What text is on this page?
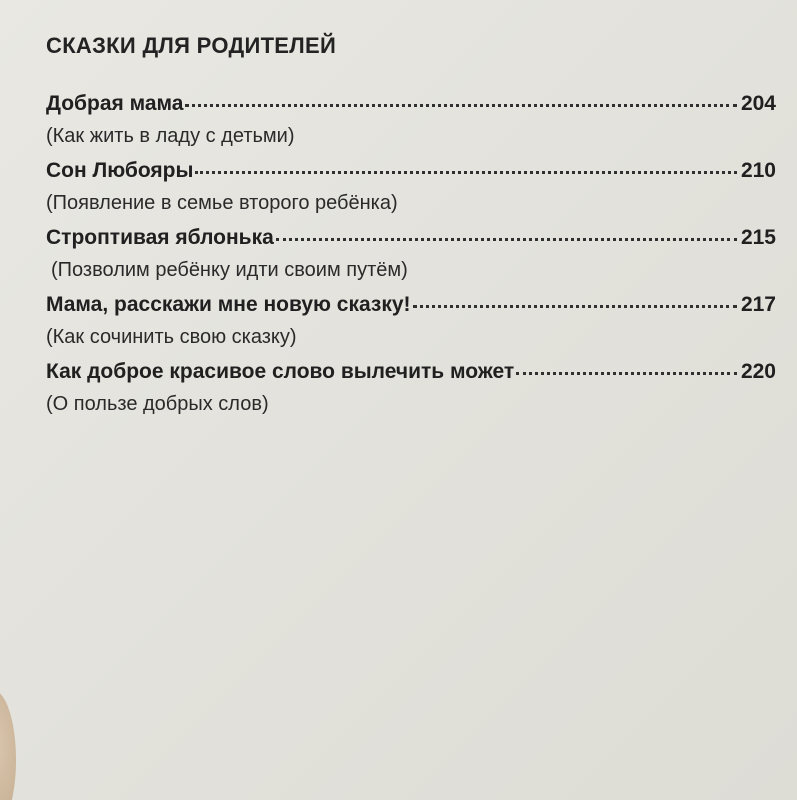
СКАЗКИ ДЛЯ РОДИТЕЛЕЙ
Добрая мама	204
(Как жить в ладу с детьми)
Сон Любояры	210
(Появление в семье второго ребёнка)
Строптивая яблонька	215
(Позволим ребёнку идти своим путём)
Мама, расскажи мне новую сказку!	217
(Как сочинить свою сказку)
Как доброе красивое слово вылечить может	220
(О пользе добрых слов)
